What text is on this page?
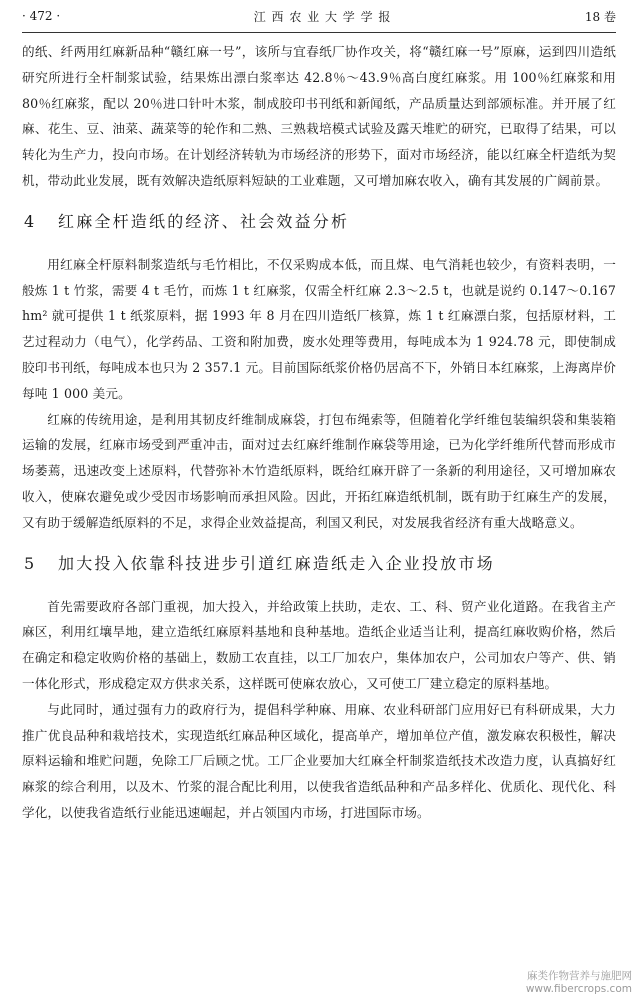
· 472 ·	江 西 农 业 大 学 学 报	18 卷

的纸、纤两用红麻新品种“赣红麻一号”，该所与宜春纸厂协作攻关，将“赣红麻一号”原麻，运到四川造纸研究所进行全杆制浆试验，结果炼出漂白浆率达 42.8％～43.9％高白度红麻浆。用 100％红麻浆和用 80％红麻浆，配以 20％进口针叶木浆，制成胶印书刊纸和新闻纸，产品质量达到部颁标准。并开展了红麻、花生、豆、油菜、蔬菜等的轮作和二熟、三熟栽培模式试验及露天堆贮的研究，已取得了结果，可以转化为生产力，投向市场。在计划经济转轨为市场经济的形势下，面对市场经济，能以红麻全杆造纸为契机，带动此业发展，既有效解决造纸原料短缺的工业难题，又可增加麻农收入，确有其发展的广阔前景。

4 红麻全杆造纸的经济、社会效益分析

用红麻全杆原料制浆造纸与毛竹相比，不仅采购成本低，而且煤、电气消耗也较少，有资料表明，一般炼 1 t 竹浆，需要 4 t 毛竹，而炼 1 t 红麻浆，仅需全杆红麻 2.3～2.5 t，也就是说约 0.147～0.167 hm² 就可提供 1 t 纸浆原料，据 1993 年 8 月在四川造纸厂核算，炼 1 t 红麻漂白浆，包括原材料，工艺过程动力（电气），化学药品、工资和附加费，废水处理等费用，每吨成本为 1 924.78 元，即使制成胶印书刊纸，每吨成本也只为 2 357.1 元。目前国际纸浆价格仍居高不下，外销日本红麻浆，上海离岸价每吨 1 000 美元。

红麻的传统用途，是利用其韧皮纤维制成麻袋，打包布绳索等，但随着化学纤维包装编织袋和集装箱运输的发展，红麻市场受到严重冲击，面对过去红麻纤维制作麻袋等用途，已为化学纤维所代替而形成市场萎蔫，迅速改变上述原料，代替弥补木竹造纸原料，既给红麻开辟了一条新的利用途径，又可增加麻农收入，使麻农避免或少受因市场影响而承担风险。因此，开拓红麻造纸机制，既有助于红麻生产的发展，又有助于缓解造纸原料的不足，求得企业效益提高，利国又利民，对发展我省经济有重大战略意义。

5 加大投入依靠科技进步引道红麻造纸走入企业投放市场

首先需要政府各部门重视，加大投入，并给政策上扶助，走农、工、科、贸产业化道路。在我省主产麻区，利用红壤旱地，建立造纸红麻原料基地和良种基地。造纸企业适当让利，提高红麻收购价格，然后在确定和稳定收购价格的基础上，数励工农直挂，以工厂加农户，集体加农户，公司加农户等产、供、销一体化形式，形成稳定双方供求关系，这样既可使麻农放心，又可使工厂建立稳定的原料基地。

与此同时，通过强有力的政府行为，提倡科学种麻、用麻、农业科研部门应用好已有科研成果，大力推广优良品种和栽培技术，实现造纸红麻品种区域化，提高单产，增加单位产值，激发麻农积极性，解决原料运输和堆贮问题，免除工厂后顾之忧。工厂企业要加大红麻全杆制浆造纸技术改造力度，认真搞好红麻浆的综合利用，以及木、竹浆的混合配比利用，以使我省造纸品种和产品多样化、优质化、现代化、科学化，以使我省造纸行业能迅速崛起，并占领国内市场，打进国际市场。

麻类作物营养与施肥网
www.fibercrops.com
